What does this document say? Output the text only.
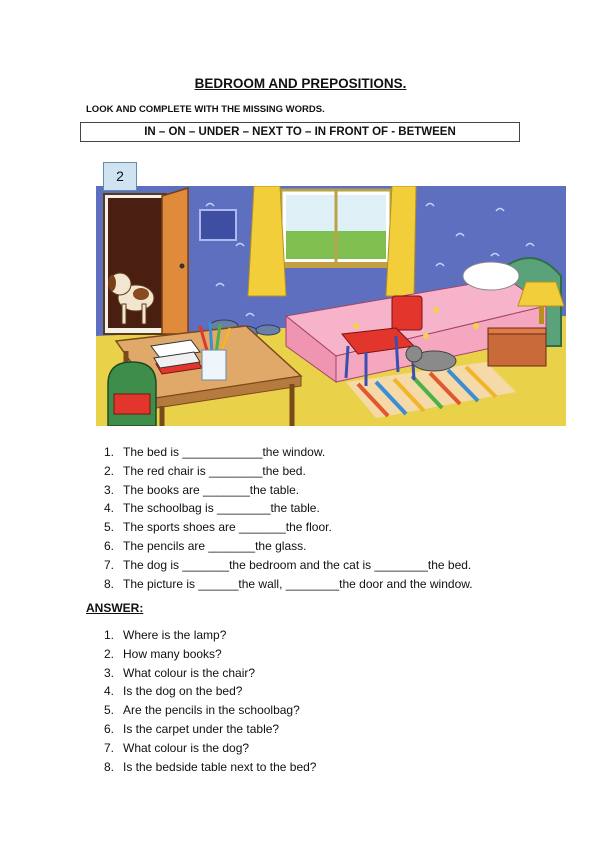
BEDROOM AND PREPOSITIONS.
LOOK AND COMPLETE WITH THE MISSING WORDS.
IN – ON – UNDER – NEXT TO – IN FRONT OF - BETWEEN
2
1. The bed is ____________the window.
2. The red chair is ________the bed.
3. The books are _______the table.
4. The schoolbag is ________the table.
5. The sports shoes are _______the floor.
6. The pencils are _______the glass.
7. The dog is _______the bedroom and the cat is ________the bed.
8. The picture is ______the wall, ________the door and the window.
ANSWER:
1. Where is the lamp?
2. How many books?
3. What colour is the chair?
4. Is the dog on the bed?
5. Are the pencils in the schoolbag?
6. Is the carpet under the table?
7. What colour is the dog?
8. Is the bedside table next to the bed?
